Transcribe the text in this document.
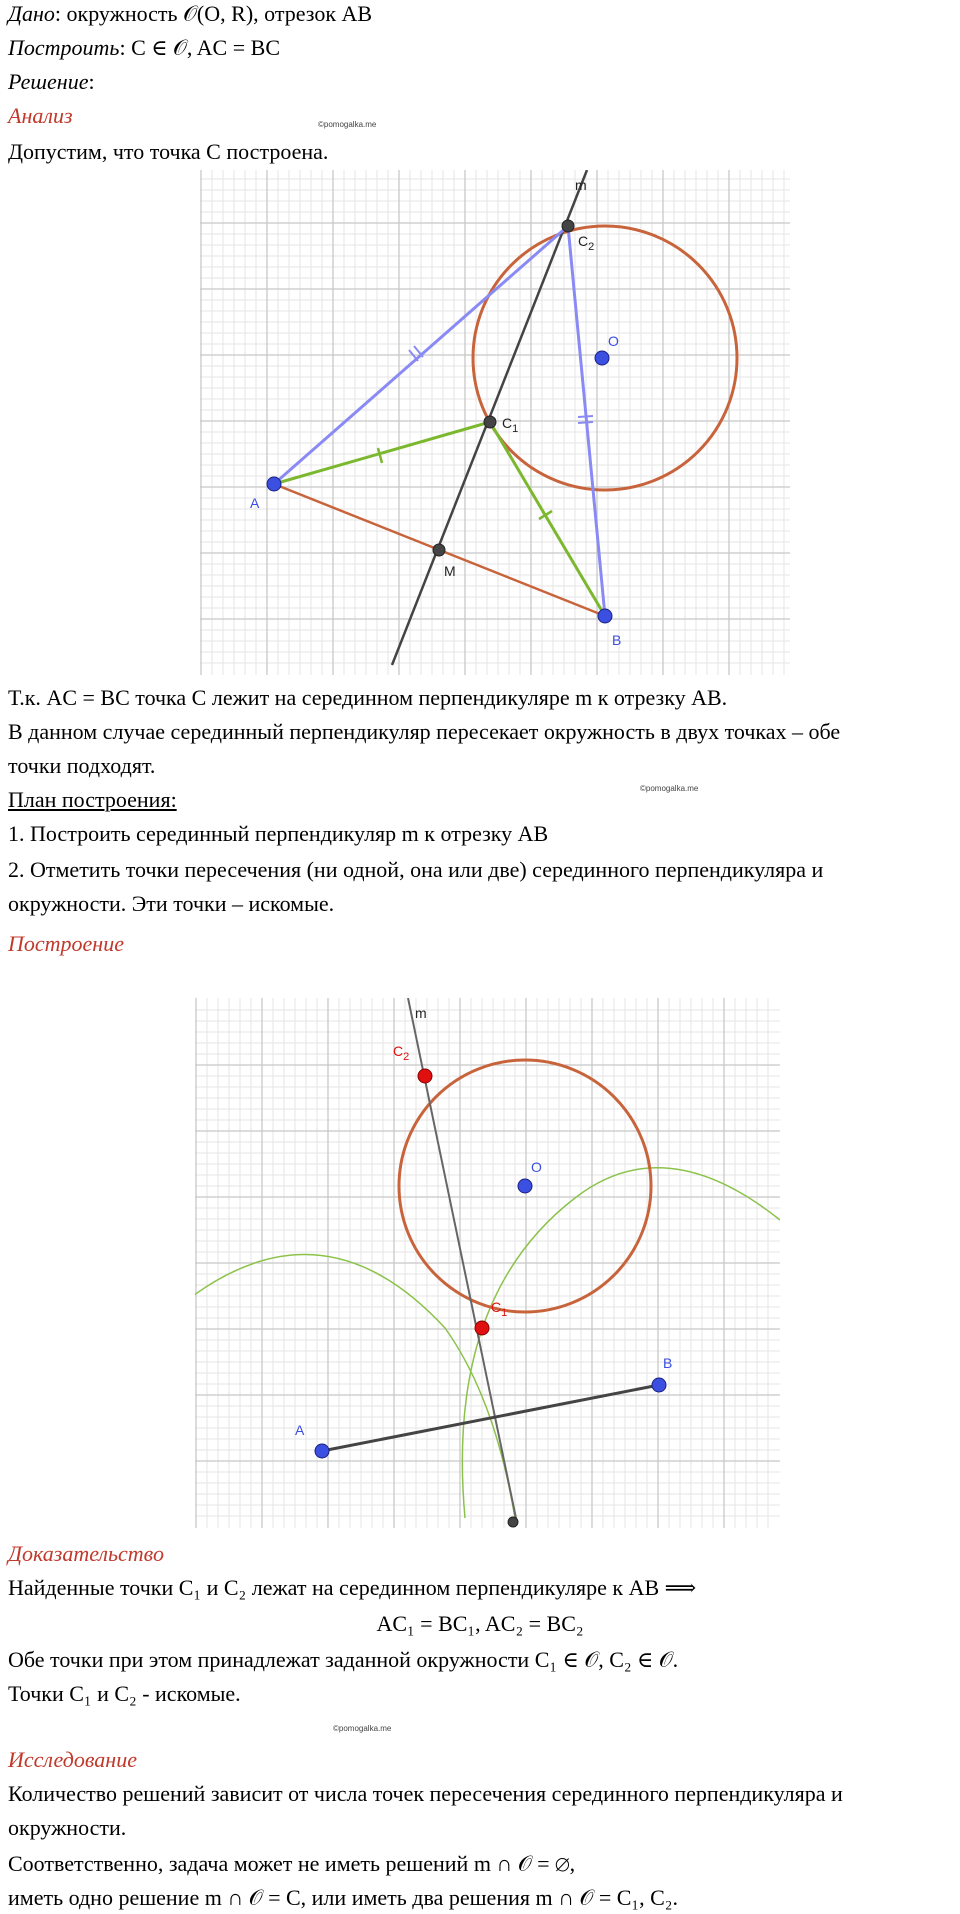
Дано: окружность 𝒪(O, R), отрезок AB
Построить: C ∈ 𝒪, AC = BC
Решение:
Анализ	©pomogalka.me
Допустим, что точка C построена.
m
$C_2$
O
$C_1$
A
M
B
Т.к. AC = BC точка C лежит на серединном перпендикуляре m к отрезку AB.
В данном случае серединный перпендикуляр пересекает окружность в двух точках – обе
точки подходят.
©pomogalka.me
План построения:
1. Построить серединный перпендикуляр m к отрезку AB
2. Отметить точки пересечения (ни одной, она или две) серединного перпендикуляра и
окружности. Эти точки – искомые.
Построение
m
$C_2$
O
$C_1$
B
A
Доказательство
Найденные точки C₁ и C₂ лежат на серединном перпендикуляре к AB ⟹
AC₁ = BC₁, AC₂ = BC₂
Обе точки при этом принадлежат заданной окружности C₁ ∈ 𝒪, C₂ ∈ 𝒪.
Точки C₁ и C₂ - искомые.
©pomogalka.me
Исследование
Количество решений зависит от числа точек пересечения серединного перпендикуляра и
окружности.
Соответственно, задача может не иметь решений m ∩ 𝒪 = ∅,
иметь одно решение m ∩ 𝒪 = C, или иметь два решения m ∩ 𝒪 = C₁, C₂.
